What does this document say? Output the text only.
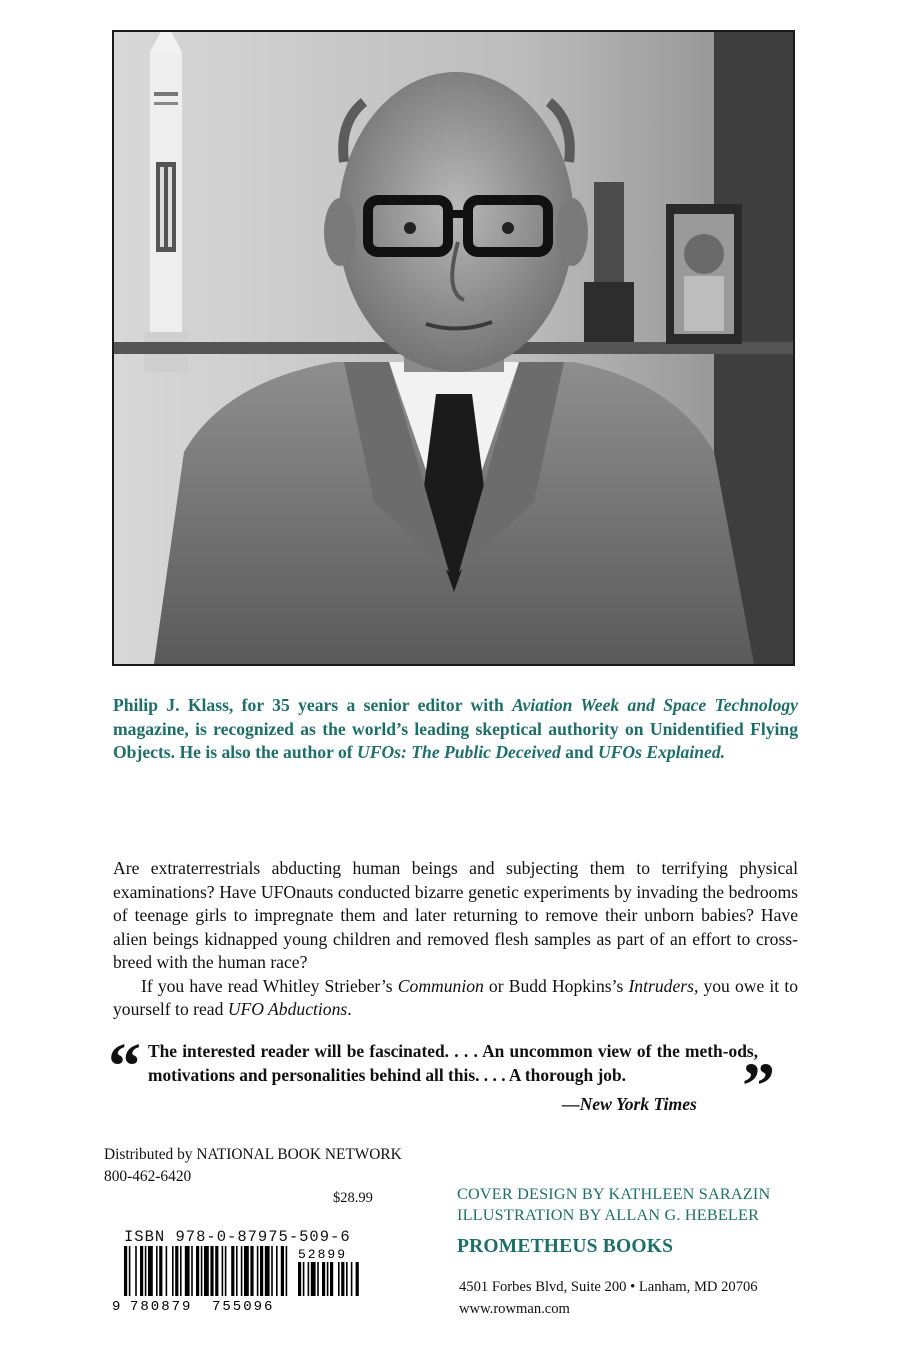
Philip J. Klass, for 35 years a senior editor with Aviation Week and Space Technology magazine, is recognized as the world’s leading skeptical authority on Unidentified Flying Objects. He is also the author of UFOs: The Public Deceived and UFOs Explained.

Are extraterrestrials abducting human beings and subjecting them to terrifying physical examinations? Have UFOnauts conducted bizarre genetic experiments by invading the bedrooms of teenage girls to impregnate them and later returning to remove their unborn babies? Have alien beings kidnapped young children and removed flesh samples as part of an effort to cross-breed with the human race?

If you have read Whitley Strieber’s Communion or Budd Hopkins’s Intruders, you owe it to yourself to read UFO Abductions.

“ The interested reader will be fascinated. . . . An uncommon view of the meth-ods, motivations and personalities behind all this. . . . A thorough job.	”
—New York Times
Distributed by NATIONAL BOOK NETWORK
800-462-6420
$28.99
ISBN 978-0-87975-509-6
9 780879 755096
52899
COVER DESIGN BY KATHLEEN SARAZIN
ILLUSTRATION BY ALLAN G. HEBELER
PROMETHEUS BOOKS
4501 Forbes Blvd, Suite 200 • Lanham, MD 20706
www.rowman.com
